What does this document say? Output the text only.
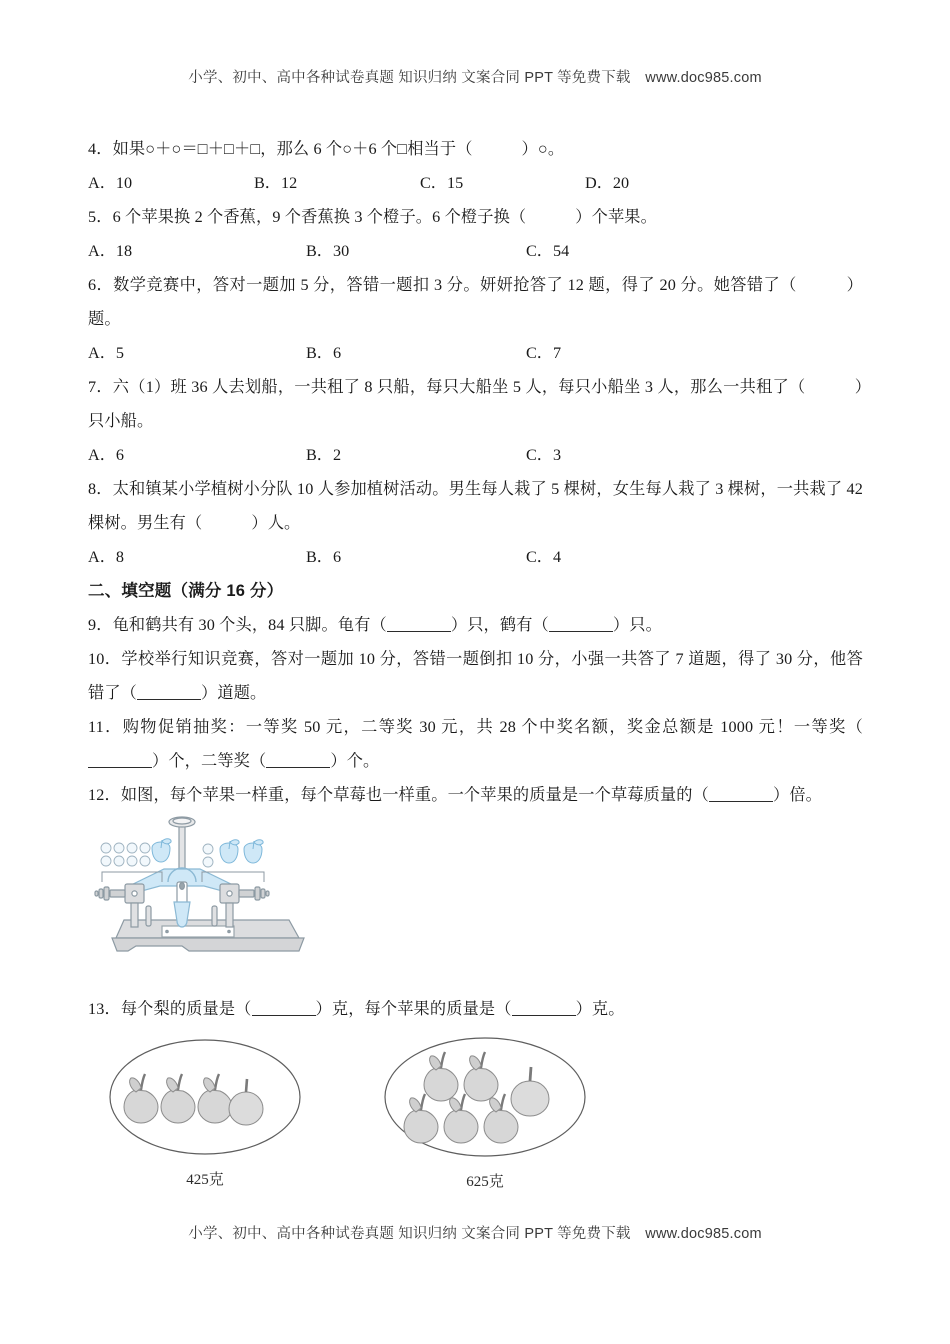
小学、初中、高中各种试卷真题 知识归纳 文案合同 PPT 等免费下载　www.doc985.com

4．如果○＋○＝□＋□＋□，那么 6 个○＋6 个□相当于（　　　）○。

A．10	B．12	C．15	D．20

5．6 个苹果换 2 个香蕉，9 个香蕉换 3 个橙子。6 个橙子换（　　　）个苹果。

A．18	B．30	C．54

6．数学竞赛中，答对一题加 5 分，答错一题扣 3 分。妍妍抢答了 12 题，得了 20 分。她答错了（　　　）题。

A．5	B．6	C．7

7．六（1）班 36 人去划船，一共租了 8 只船，每只大船坐 5 人，每只小船坐 3 人，那么一共租了（　　　）只小船。

A．6	B．2	C．3

8．太和镇某小学植树小分队 10 人参加植树活动。男生每人栽了 5 棵树，女生每人栽了 3 棵树，一共栽了 42 棵树。男生有（　　　）人。

A．8	B．6	C．4

二、填空题（满分 16 分）

9．龟和鹤共有 30 个头，84 只脚。龟有（	）只，鹤有（	）只。

10．学校举行知识竞赛，答对一题加 10 分，答错一题倒扣 10 分，小强一共答了 7 道题，得了 30 分，他答错了（	）道题。

11．购物促销抽奖：一等奖 50 元，二等奖 30 元，共 28 个中奖名额，奖金总额是 1000 元！一等奖（）个，二等奖（	）个。

12．如图，每个苹果一样重，每个草莓也一样重。一个苹果的质量是一个草莓质量的（	）倍。

13．每个梨的质量是（	）克，每个苹果的质量是（	）克。

425克	625克
小学、初中、高中各种试卷真题 知识归纳 文案合同 PPT 等免费下载　www.doc985.com
